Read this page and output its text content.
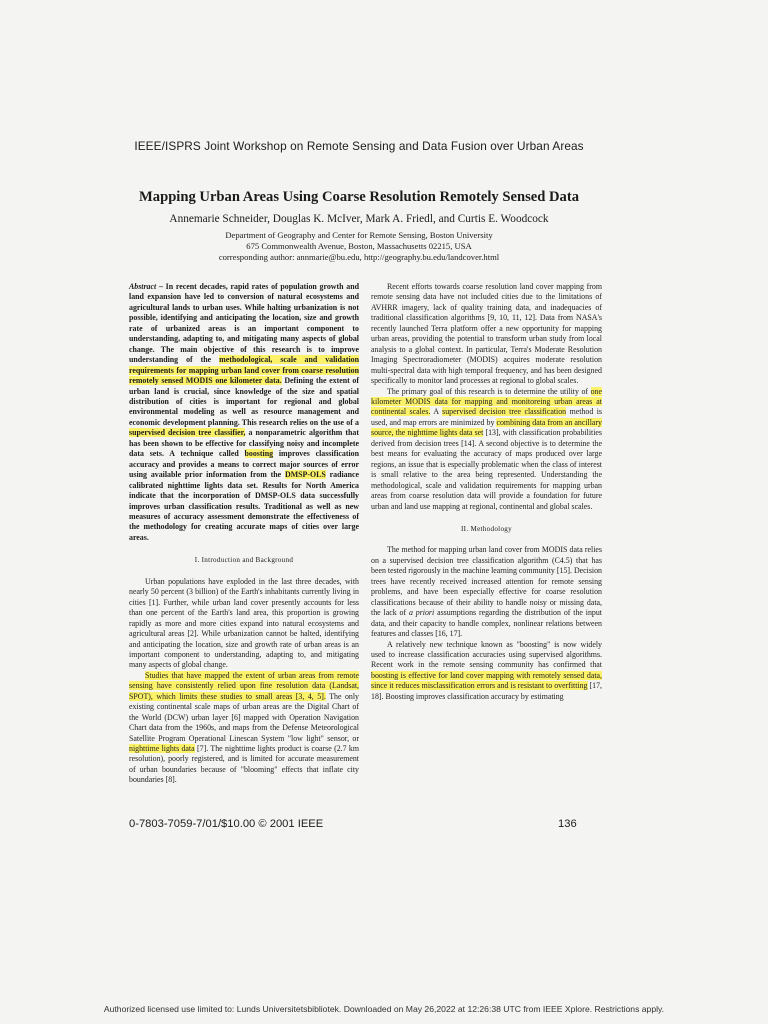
IEEE/ISPRS Joint Workshop on Remote Sensing and Data Fusion over Urban Areas
Mapping Urban Areas Using Coarse Resolution Remotely Sensed Data
Annemarie Schneider, Douglas K. McIver, Mark A. Friedl, and Curtis E. Woodcock
Department of Geography and Center for Remote Sensing, Boston University
675 Commonwealth Avenue, Boston, Massachusetts 02215, USA
corresponding author: annmarie@bu.edu, http://geography.bu.edu/landcover.html

Abstract – In recent decades, rapid rates of population growth and land expansion have led to conversion of natural ecosystems and agricultural lands to urban uses. While halting urbanization is not possible, identifying and anticipating the location, size and growth rate of urbanized areas is an important component to understanding, adapting to, and mitigating many aspects of global change. The main objective of this research is to improve understanding of the methodological, scale and validation requirements for mapping urban land cover from coarse resolution remotely sensed MODIS one kilometer data. Defining the extent of urban land is crucial, since knowledge of the size and spatial distribution of cities is important for regional and global environmental modeling as well as resource management and economic development planning. This research relies on the use of a supervised decision tree classifier, a nonparametric algorithm that has been shown to be effective for classifying noisy and incomplete data sets. A technique called boosting improves classification accuracy and provides a means to correct major sources of error using available prior information from the DMSP-OLS radiance calibrated nighttime lights data set. Results for North America indicate that the incorporation of DMSP-OLS data successfully improves urban classification results. Traditional as well as new measures of accuracy assessment demonstrate the effectiveness of the methodology for creating accurate maps of cities over large areas.

I. Introduction and Background

Urban populations have exploded in the last three decades, with nearly 50 percent (3 billion) of the Earth's inhabitants currently living in cities [1]. Further, while urban land cover presently accounts for less than one percent of the Earth's land area, this proportion is growing rapidly as more and more cities expand into natural ecosystems and agricultural areas [2]. While urbanization cannot be halted, identifying and anticipating the location, size and growth rate of urban areas is an important component to understanding, adapting to, and mitigating many aspects of global change.

Studies that have mapped the extent of urban areas from remote sensing have consistently relied upon fine resolution data (Landsat, SPOT), which limits these studies to small areas [3, 4, 5]. The only existing continental scale maps of urban areas are the Digital Chart of the World (DCW) urban layer [6] mapped with Operation Navigation Chart data from the 1960s, and maps from the Defense Meteorological Satellite Program Operational Linescan System "low light" sensor, or nighttime lights data [7]. The nighttime lights product is coarse (2.7 km resolution), poorly registered, and is limited for accurate measurement of urban boundaries because of "blooming" effects that inflate city boundaries [8].

Recent efforts towards coarse resolution land cover mapping from remote sensing data have not included cities due to the limitations of AVHRR imagery, lack of quality training data, and inadequacies of traditional classification algorithms [9, 10, 11, 12]. Data from NASA's recently launched Terra platform offer a new opportunity for mapping urban areas, providing the potential to transform urban study from local analysis to a global context. In particular, Terra's Moderate Resolution Imaging Spectroradiometer (MODIS) acquires moderate resolution multi-spectral data with high temporal frequency, and has been designed specifically to monitor land processes at regional to global scales.

The primary goal of this research is to determine the utility of one kilometer MODIS data for mapping and monitoreing urban areas at continental scales. A supervised decision tree classification method is used, and map errors are minimized by combining data from an ancillary source, the nighttime lights data set [13], with classification probabilities derived from decision trees [14]. A second objective is to determine the best means for evaluating the accuracy of maps produced over large regions, an issue that is especially problematic when the class of interest is small relative to the area being represented. Understanding the methodological, scale and validation requirements for mapping urban areas from coarse resolution data will provide a foundation for future urban and land use mapping at regional, continental and global scales.

II. Methodology

The method for mapping urban land cover from MODIS data relies on a supervised decision tree classification algorithm (C4.5) that has been tested rigorously in the machine learning community [15]. Decision trees have recently received increased attention for remote sensing problems, and have been especially effective for coarse resolution classifications because of their ability to handle noisy or missing data, the lack of a priori assumptions regarding the distribution of the input data, and their capacity to handle complex, nonlinear relations between features and classes [16, 17].

A relatively new technique known as "boosting" is now widely used to increase classification accuracies using supervised algorithms. Recent work in the remote sensing community has confirmed that boosting is effective for land cover mapping with remotely sensed data, since it reduces misclassification errors and is resistant to overfitting [17, 18]. Boosting improves classification accuracy by estimating

0-7803-7059-7/01/$10.00 © 2001 IEEE	136
Authorized licensed use limited to: Lunds Universitetsbibliotek. Downloaded on May 26,2022 at 12:26:38 UTC from IEEE Xplore. Restrictions apply.
